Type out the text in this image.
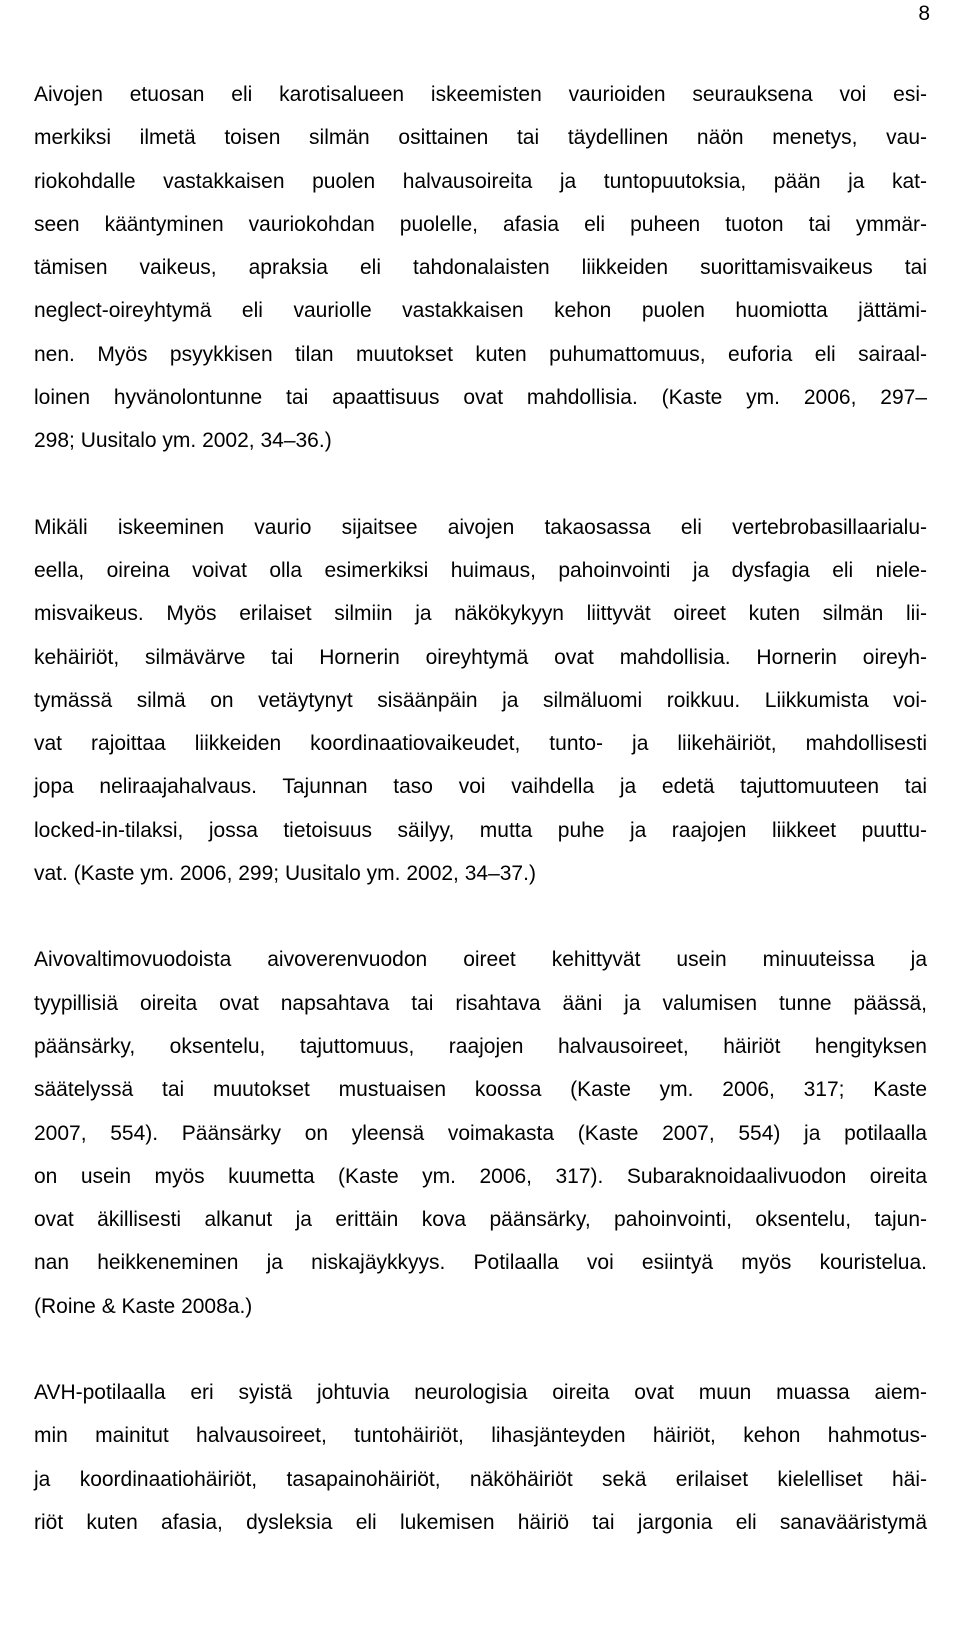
8

Aivojen etuosan eli karotisalueen iskeemisten vaurioiden seurauksena voi esi-
merkiksi ilmetä toisen silmän osittainen tai täydellinen näön menetys, vau-
riokohdalle vastakkaisen puolen halvausoireita ja tuntopuutoksia, pään ja kat-
seen kääntyminen vauriokohdan puolelle, afasia eli puheen tuoton tai ymmär-
tämisen vaikeus, apraksia eli tahdonalaisten liikkeiden suorittamisvaikeus tai
neglect-oireyhtymä eli vauriolle vastakkaisen kehon puolen huomiotta jättämi-
nen. Myös psyykkisen tilan muutokset kuten puhumattomuus, euforia eli sairaal-
loinen hyvänolontunne tai apaattisuus ovat mahdollisia. (Kaste ym. 2006, 297–
298; Uusitalo ym. 2002, 34–36.)

Mikäli iskeeminen vaurio sijaitsee aivojen takaosassa eli vertebrobasillaarialu-
eella, oireina voivat olla esimerkiksi huimaus, pahoinvointi ja dysfagia eli niele-
misvaikeus. Myös erilaiset silmiin ja näkökykyyn liittyvät oireet kuten silmän lii-
kehäiriöt, silmävärve tai Hornerin oireyhtymä ovat mahdollisia. Hornerin oireyh-
tymässä silmä on vetäytynyt sisäänpäin ja silmäluomi roikkuu. Liikkumista voi-
vat rajoittaa liikkeiden koordinaatiovaikeudet, tunto- ja liikehäiriöt, mahdollisesti
jopa neliraajahalvaus. Tajunnan taso voi vaihdella ja edetä tajuttomuuteen tai
locked-in-tilaksi, jossa tietoisuus säilyy, mutta puhe ja raajojen liikkeet puuttu-
vat. (Kaste ym. 2006, 299; Uusitalo ym. 2002, 34–37.)

Aivovaltimovuodoista aivoverenvuodon oireet kehittyvät usein minuuteissa ja
tyypillisiä oireita ovat napsahtava tai risahtava ääni ja valumisen tunne päässä,
päänsärky, oksentelu, tajuttomuus, raajojen halvausoireet, häiriöt hengityksen
säätelyssä tai muutokset mustuaisen koossa (Kaste ym. 2006, 317; Kaste
2007, 554). Päänsärky on yleensä voimakasta (Kaste 2007, 554) ja potilaalla
on usein myös kuumetta (Kaste ym. 2006, 317). Subaraknoidaalivuodon oireita
ovat äkillisesti alkanut ja erittäin kova päänsärky, pahoinvointi, oksentelu, tajun-
nan heikkeneminen ja niskajäykkyys. Potilaalla voi esiintyä myös kouristelua.
(Roine & Kaste 2008a.)

AVH-potilaalla eri syistä johtuvia neurologisia oireita ovat muun muassa aiem-
min mainitut halvausoireet, tuntohäiriöt, lihasjänteyden häiriöt, kehon hahmotus-
ja koordinaatiohäiriöt, tasapainohäiriöt, näköhäiriöt sekä erilaiset kielelliset häi-
riöt kuten afasia, dysleksia eli lukemisen häiriö tai jargonia eli sanavääristymä
